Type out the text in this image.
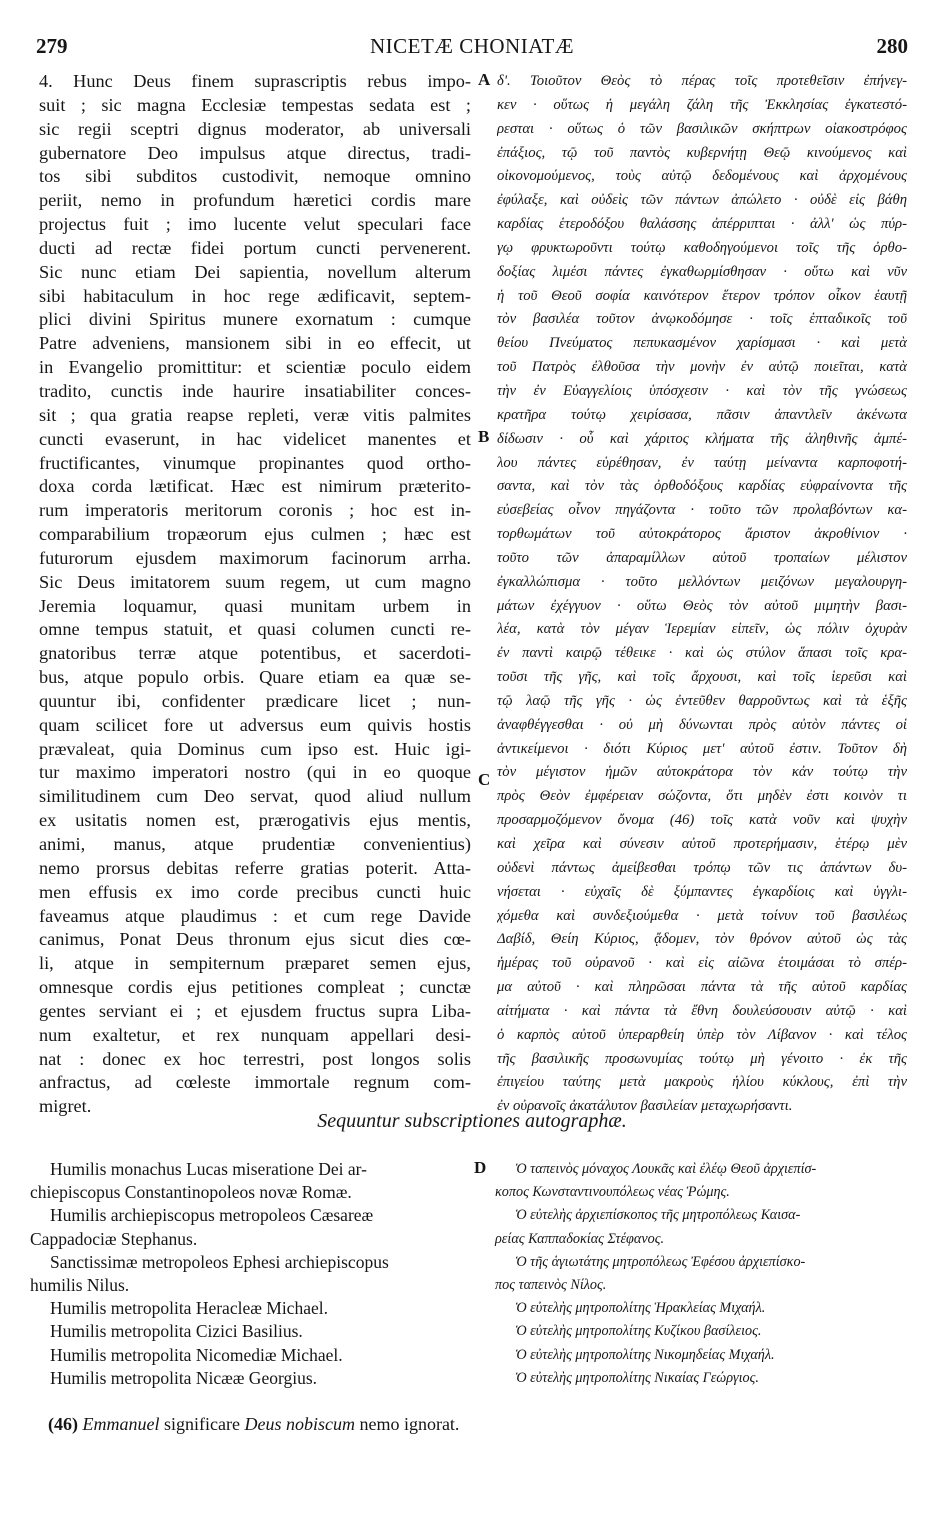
279	NICETÆ CHONIATÆ	280
4. Hunc Deus finem suprascriptis rebus impo-
suit ; sic magna Ecclesiæ tempestas sedata est ;
sic regii sceptri dignus moderator, ab universali
gubernatore Deo impulsus atque directus, tradi-
tos sibi subditos custodivit, nemoque omnino
periit, nemo in profundum hæretici cordis mare
projectus fuit ; imo lucente velut speculari face
ducti ad rectæ fidei portum cuncti pervenerent.
Sic nunc etiam Dei sapientia, novellum alterum
sibi habitaculum in hoc rege ædificavit, septem-
plici divini Spiritus munere exornatum : cumque
Patre adveniens, mansionem sibi in eo effecit, ut
in Evangelio promittitur: et scientiæ poculo eidem
tradito, cunctis inde haurire insatiabiliter conces-
sit ; qua gratia reapse repleti, veræ vitis palmites
cuncti evaserunt, in hac videlicet manentes et
fructificantes, vinumque propinantes quod ortho-
doxa corda lætificat. Hæc est nimirum præterito-
rum imperatoris meritorum coronis ; hoc est in-
comparabilium tropæorum ejus culmen ; hæc est
futurorum ejusdem maximorum facinorum arrha.
Sic Deus imitatorem suum regem, ut cum magno
Jeremia loquamur, quasi munitam urbem in
omne tempus statuit, et quasi columen cuncti re-
gnatoribus terræ atque potentibus, et sacerdoti-
bus, atque populo orbis. Quare etiam ea quæ se-
quuntur ibi, confidenter prædicare licet ; nun-
quam scilicet fore ut adversus eum quivis hostis
prævaleat, quia Dominus cum ipso est. Huic igi-
tur maximo imperatori nostro (qui in eo quoque
similitudinem cum Deo servat, quod aliud nullum
ex usitatis nomen est, prærogativis ejus mentis,
animi, manus, atque prudentiæ convenientius)
nemo prorsus debitas referre gratias poterit. Atta-
men effusis ex imo corde precibus cuncti huic
faveamus atque plaudimus : et cum rege Davide
canimus, Ponat Deus thronum ejus sicut dies cœ-
li, atque in sempiternum præparet semen ejus,
omnesque cordis ejus petitiones compleat ; cunctæ
gentes serviant ei ; et ejusdem fructus supra Liba-
num exaltetur, et rex nunquam appellari desi-
nat : donec ex hoc terrestri, post longos solis
anfractus, ad cœleste immortale regnum com-
migret.
δ'. Τοιοῦτον Θεὸς τὸ πέρας τοῖς προτεθεῖσιν ἐπήνεγ-
κεν · οὕτως ἡ μεγάλη ζάλη τῆς Ἐκκλησίας ἐγκατεστό-
ρεσται · οὕτως ὁ τῶν βασιλικῶν σκήπτρων οἰακοστρόφος
ἐπάξιος, τῷ τοῦ παντὸς κυβερνήτῃ Θεῷ κινούμενος καὶ
οἰκονομούμενος, τοὺς αὐτῷ δεδομένους καὶ ἀρχομένους
ἐφύλαξε, καὶ οὐδεὶς τῶν πάντων ἀπώλετο · οὐδὲ εἰς βάθη
καρδίας ἑτεροδόξου θαλάσσης ἀπέρριπται · ἀλλ' ὡς πύρ-
γῳ φρυκτωροῦντι τούτῳ καθοδηγούμενοι τοῖς τῆς ὀρθο-
δοξίας λιμέσι πάντες ἐγκαθωρμίσθησαν · οὕτω καὶ νῦν
ἡ τοῦ Θεοῦ σοφία καινότερον ἕτερον τρόπον οἶκον ἑαυτῇ
τὸν βασιλέα τοῦτον ἀνῳκοδόμησε · τοῖς ἑπταδικοῖς τοῦ
θείου Πνεύματος πεπυκασμένον χαρίσμασι · καὶ μετὰ
τοῦ Πατρὸς ἐλθοῦσα τὴν μονὴν ἐν αὐτῷ ποιεῖται, κατὰ
τὴν ἐν Εὐαγγελίοις ὑπόσχεσιν · καὶ τὸν τῆς γνώσεως
κρατῆρα τούτῳ χειρίσασα, πᾶσιν ἀπαντλεῖν ἀκένωτα
δίδωσιν · οὗ καὶ χάριτος κλήματα τῆς ἀληθινῆς ἀμπέ-
λου πάντες εὑρέθησαν, ἐν ταύτῃ μείναντα καρποφοτή-
σαντα, καὶ τὸν τὰς ὀρθοδόξους καρδίας εὐφραίνοντα τῆς
εὐσεβείας οἶνον πηγάζοντα · τοῦτο τῶν προλαβόντων κα-
τορθωμάτων τοῦ αὐτοκράτορος ἄριστον ἀκροθίνιον ·
τοῦτο τῶν ἀπαραμίλλων αὐτοῦ τροπαίων μέλιστον
ἐγκαλλώπισμα · τοῦτο μελλόντων μειζόνων μεγαλουργη-
μάτων ἐχέγγυον · οὕτω Θεὸς τὸν αὐτοῦ μιμητὴν βασι-
λέα, κατὰ τὸν μέγαν Ἱερεμίαν εἰπεῖν, ὡς πόλιν ὀχυρὰν
ἐν παντὶ καιρῷ τέθεικε · καὶ ὡς στύλον ἅπασι τοῖς κρα-
τοῦσι τῆς γῆς, καὶ τοῖς ἄρχουσι, καὶ τοῖς ἱερεῦσι καὶ
τῷ λαῷ τῆς γῆς · ὡς ἐντεῦθεν θαρροῦντως καὶ τὰ ἑξῆς
ἀναφθέγγεσθαι · οὐ μὴ δύνωνται πρὸς αὐτὸν πάντες οἱ
ἀντικείμενοι · διότι Κύριος μετ' αὐτοῦ ἐστιν. Τοῦτον δὴ
τὸν μέγιστον ἡμῶν αὐτοκράτορα τὸν κἀν τούτῳ τὴν
πρὸς Θεὸν ἐμφέρειαν σώζοντα, ὅτι μηδὲν ἐστι κοινὸν τι
προσαρμοζόμενον ὄνομα (46) τοῖς κατὰ νοῦν καὶ ψυχὴν
καὶ χεῖρα καὶ σύνεσιν αὐτοῦ προτερήμασιν, ἑτέρῳ μὲν
οὐδενὶ πάντως ἀμείβεσθαι τρόπῳ τῶν τις ἁπάντων δυ-
νήσεται · εὐχαῖς δὲ ξύμπαντες ἐγκαρδίοις καὶ ὑγγλι-
χόμεθα καὶ συνδεξιούμεθα · μετὰ τοίνυν τοῦ βασιλέως
Δαβίδ, Θείη Κύριος, ᾄδομεν, τὸν θρόνον αὐτοῦ ὡς τὰς
ἡμέρας τοῦ οὐρανοῦ · καὶ εἰς αἰῶνα ἑτοιμάσαι τὸ σπέρ-
μα αὐτοῦ · καὶ πληρῶσαι πάντα τὰ τῆς αὐτοῦ καρδίας
αἰτήματα · καὶ πάντα τὰ ἔθνη δουλεύσουσιν αὐτῷ · καὶ
ὁ καρπὸς αὐτοῦ ὑπεραρθείη ὑπὲρ τὸν Λίβανον · καὶ τέλος
τῆς βασιλικῆς προσωνυμίας τούτῳ μὴ γένοιτο · ἐκ τῆς
ἐπιγείου ταύτης μετὰ μακροὺς ἡλίου κύκλους, ἐπὶ τὴν
ἐν οὐρανοῖς ἀκατάλυτον βασιλείαν μεταχωρήσαντι.
A
B
C
D
Sequuntur subscriptiones autographæ.
Humilis monachus Lucas miseratione Dei ar-
chiepiscopus Constantinopoleos novæ Romæ.
Humilis archiepiscopus metropoleos Cæsareæ
Cappadociæ Stephanus.
Sanctissimæ metropoleos Ephesi archiepiscopus
humilis Nilus.
Humilis metropolita Heracleæ Michael.
Humilis metropolita Cizici Basilius.
Humilis metropolita Nicomediæ Michael.
Humilis metropolita Nicææ Georgius.
Ὁ ταπεινὸς μόναχος Λουκᾶς καὶ ἐλέῳ Θεοῦ ἀρχιεπίσ-
κοπος Κωνσταντινουπόλεως νέας Ῥώμης.
Ὁ εὐτελὴς ἀρχιεπίσκοπος τῆς μητροπόλεως Καισα-
ρείας Καππαδοκίας Στέφανος.
Ὁ τῆς ἁγιωτάτης μητροπόλεως Ἐφέσου ἀρχιεπίσκο-
πος ταπεινὸς Νίλος.
Ὁ εὐτελὴς μητροπολίτης Ἡρακλείας Μιχαήλ.
Ὁ εὐτελὴς μητροπολίτης Κυζίκου βασίλειος.
Ὁ εὐτελὴς μητροπολίτης Νικομηδείας Μιχαήλ.
Ὁ εὐτελὴς μητροπολίτης Νικαίας Γεώργιος.
(46) Emmanuel significare Deus nobiscum nemo ignorat.
